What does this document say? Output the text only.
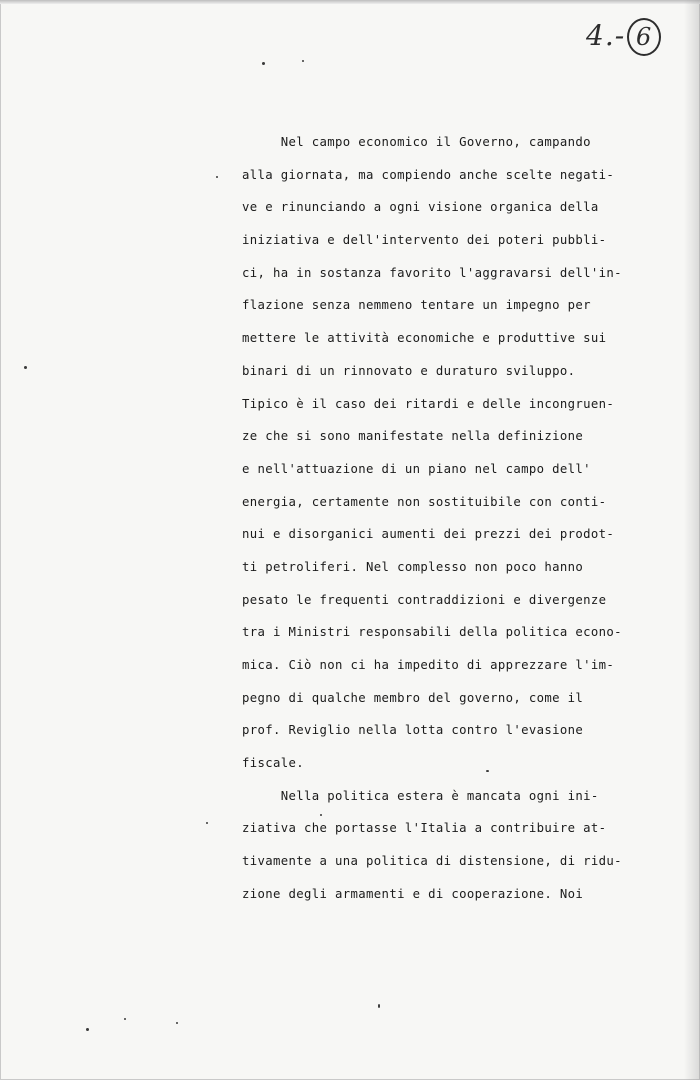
4.- 6
Nel campo economico il Governo, campando
alla giornata, ma compiendo anche scelte negati-
ve e rinunciando a ogni visione organica della
iniziativa e dell'intervento dei poteri pubbli-
ci, ha in sostanza favorito l'aggravarsi dell'in-
flazione senza nemmeno tentare un impegno per
mettere le attività economiche e produttive sui
binari di un rinnovato e duraturo sviluppo.
Tipico è il caso dei ritardi e delle incongruen-
ze che si sono manifestate nella definizione
e nell'attuazione di un piano nel campo dell'
energia, certamente non sostituibile con conti-
nui e disorganici aumenti dei prezzi dei prodot-
ti petroliferi. Nel complesso non poco hanno
pesato le frequenti contraddizioni e divergenze
tra i Ministri responsabili della politica econo-
mica. Ciò non ci ha impedito di apprezzare l'im-
pegno di qualche membro del governo, come il
prof. Reviglio nella lotta contro l'evasione
fiscale.
Nella politica estera è mancata ogni ini-
ziativa che portasse l'Italia a contribuire at-
tivamente a una politica di distensione, di ridu-
zione degli armamenti e di cooperazione. Noi
